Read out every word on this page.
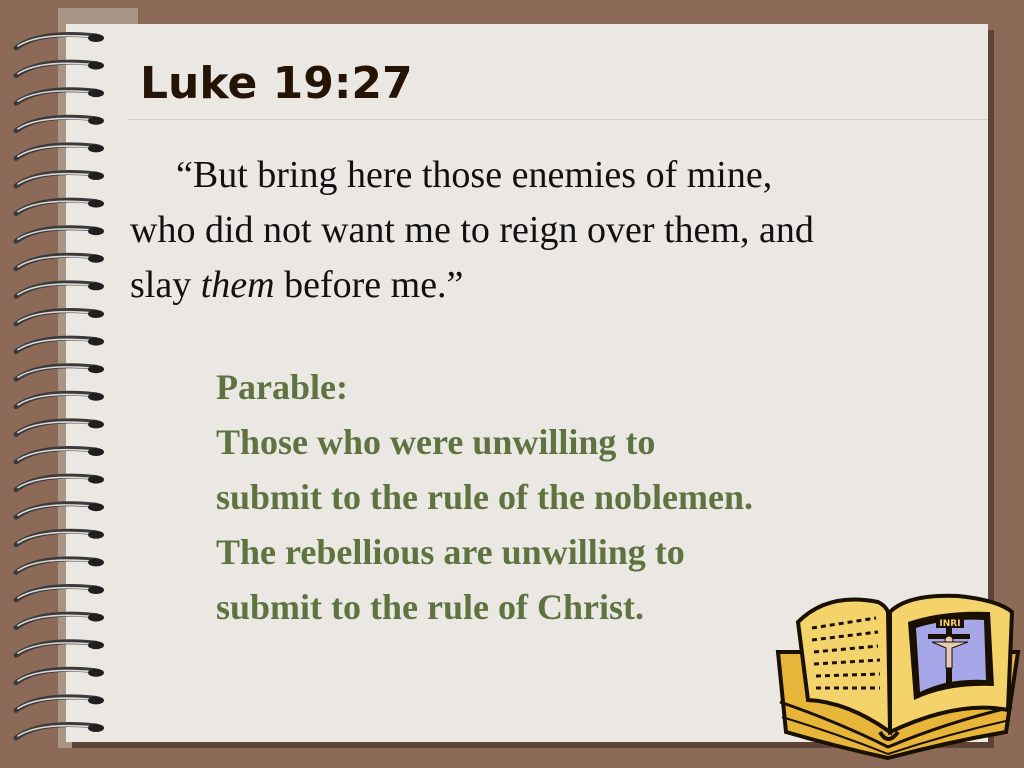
Luke 19:27
“But bring here those enemies of mine,
who did not want me to reign over them, and
slay them before me.”
Parable:
Those who were unwilling to
submit to the rule of the noblemen.
The rebellious are unwilling to
submit to the rule of Christ.	INRI
